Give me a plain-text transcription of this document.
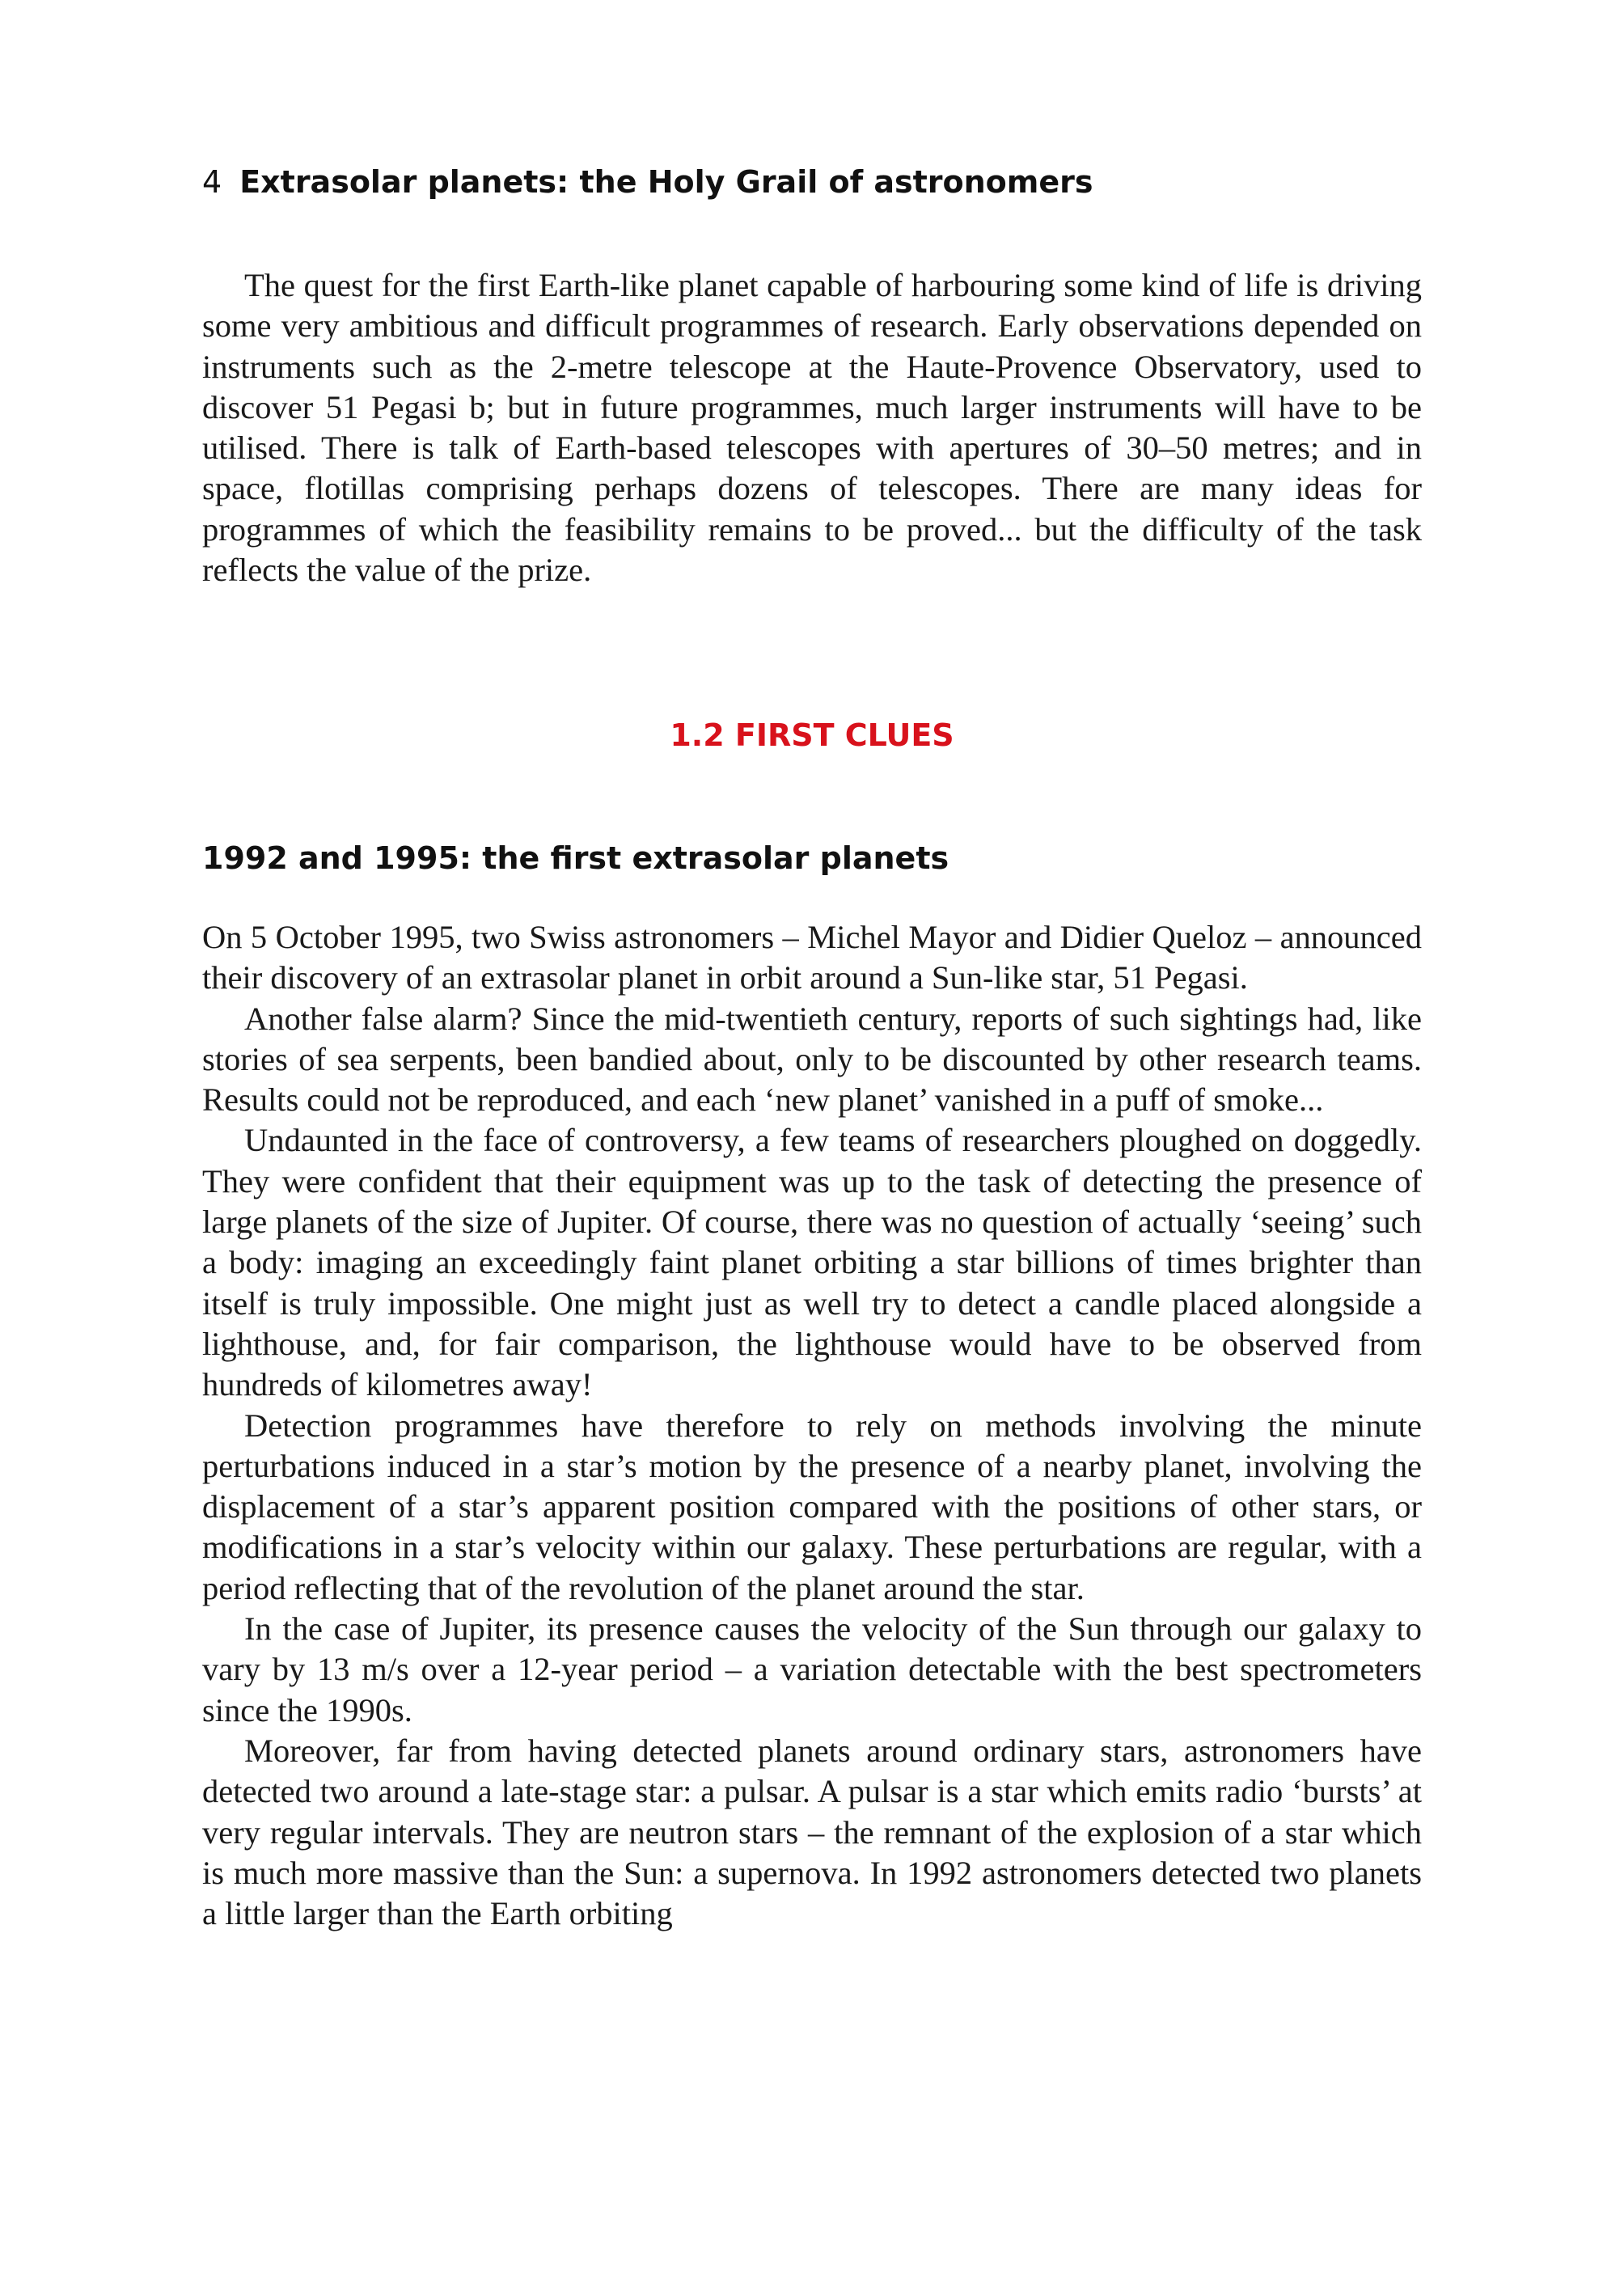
4 Extrasolar planets: the Holy Grail of astronomers

The quest for the first Earth-like planet capable of harbouring some kind of life is driving some very ambitious and difficult programmes of research. Early observations depended on instruments such as the 2-metre telescope at the Haute-Provence Observatory, used to discover 51 Pegasi b; but in future programmes, much larger instruments will have to be utilised. There is talk of Earth-based telescopes with apertures of 30–50 metres; and in space, flotillas comprising perhaps dozens of telescopes. There are many ideas for programmes of which the feasibility remains to be proved... but the difficulty of the task reflects the value of the prize.

1.2 FIRST CLUES
1992 and 1995: the first extrasolar planets

On 5 October 1995, two Swiss astronomers – Michel Mayor and Didier Queloz – announced their discovery of an extrasolar planet in orbit around a Sun-like star, 51 Pegasi.

Another false alarm? Since the mid-twentieth century, reports of such sightings had, like stories of sea serpents, been bandied about, only to be discounted by other research teams. Results could not be reproduced, and each ‘new planet’ vanished in a puff of smoke...

Undaunted in the face of controversy, a few teams of researchers ploughed on doggedly. They were confident that their equipment was up to the task of detecting the presence of large planets of the size of Jupiter. Of course, there was no question of actually ‘seeing’ such a body: imaging an exceedingly faint planet orbiting a star billions of times brighter than itself is truly impossible. One might just as well try to detect a candle placed alongside a lighthouse, and, for fair comparison, the lighthouse would have to be observed from hundreds of kilometres away!

Detection programmes have therefore to rely on methods involving the minute perturbations induced in a star’s motion by the presence of a nearby planet, involving the displacement of a star’s apparent position compared with the positions of other stars, or modifications in a star’s velocity within our galaxy. These perturbations are regular, with a period reflecting that of the revolution of the planet around the star.

In the case of Jupiter, its presence causes the velocity of the Sun through our galaxy to vary by 13 m/s over a 12-year period – a variation detectable with the best spectrometers since the 1990s.

Moreover, far from having detected planets around ordinary stars, astronomers have detected two around a late-stage star: a pulsar. A pulsar is a star which emits radio ‘bursts’ at very regular intervals. They are neutron stars – the remnant of the explosion of a star which is much more massive than the Sun: a supernova. In 1992 astronomers detected two planets a little larger than the Earth orbiting
